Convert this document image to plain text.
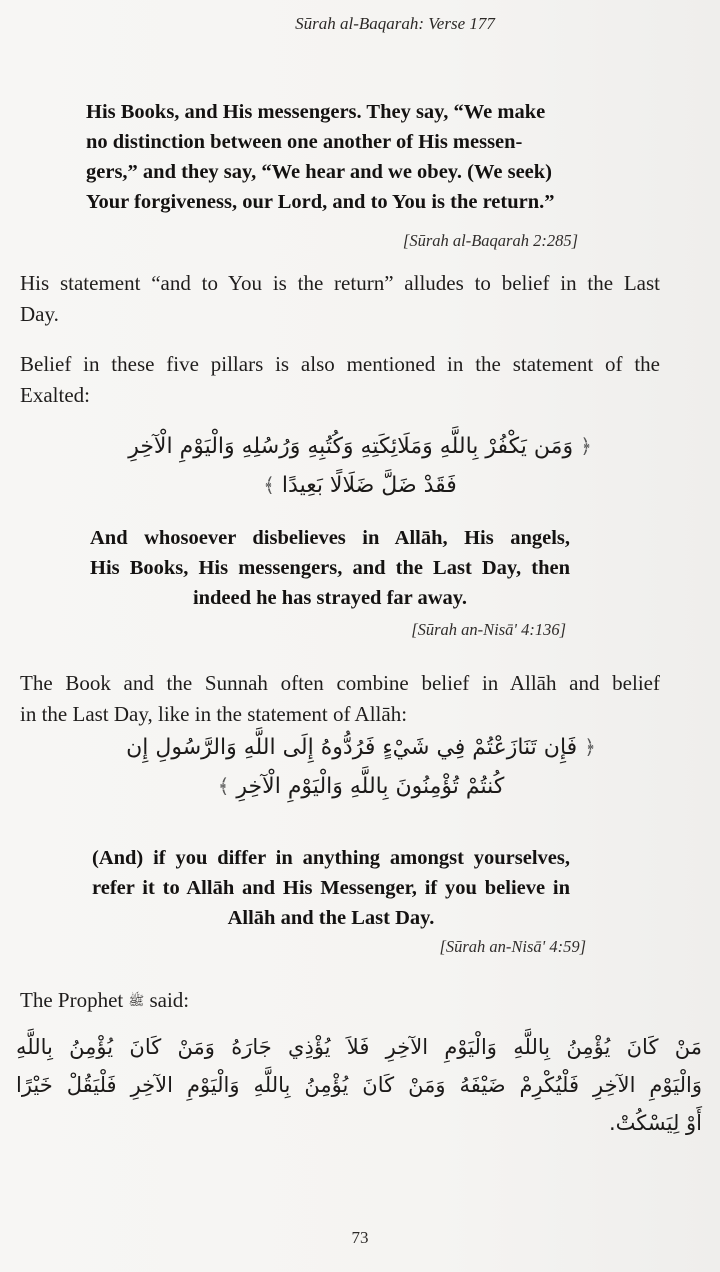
Sūrah al-Baqarah: Verse 177
His Books, and His messengers. They say, “We make
no distinction between one another of His messen-
gers,” and they say, “We hear and we obey. (We seek)
Your forgiveness, our Lord, and to You is the return.”
[Sūrah al-Baqarah 2:285]
His statement “and to You is the return” alludes to belief in the Last
Day.
Belief in these five pillars is also mentioned in the statement of the
Exalted:
﴿ وَمَن يَكْفُرْ بِاللَّهِ وَمَلَائِكَتِهِ وَكُتُبِهِ وَرُسُلِهِ وَالْيَوْمِ الْآخِرِ
فَقَدْ ضَلَّ ضَلَالًا بَعِيدًا ﴾
And whosoever disbelieves in Allāh, His angels,
His Books, His messengers, and the Last Day, then
indeed he has strayed far away.
[Sūrah an-Nisā' 4:136]
The Book and the Sunnah often combine belief in Allāh and belief
in the Last Day, like in the statement of Allāh:
﴿ فَإِن تَنَازَعْتُمْ فِي شَيْءٍ فَرُدُّوهُ إِلَى اللَّهِ وَالرَّسُولِ إِن
كُنتُمْ تُؤْمِنُونَ بِاللَّهِ وَالْيَوْمِ الْآخِرِ ﴾
(And) if you differ in anything amongst yourselves,
refer it to Allāh and His Messenger, if you believe in
Allāh and the Last Day.
[Sūrah an-Nisā' 4:59]
The Prophet ﷺ said:
مَنْ كَانَ يُؤْمِنُ بِاللَّهِ وَالْيَوْمِ الآخِرِ فَلاَ يُؤْذِي جَارَهُ وَمَنْ كَانَ يُؤْمِنُ بِاللَّهِ
وَالْيَوْمِ الآخِرِ فَلْيُكْرِمْ ضَيْفَهُ وَمَنْ كَانَ يُؤْمِنُ بِاللَّهِ وَالْيَوْمِ الآخِرِ فَلْيَقُلْ خَيْرًا
أَوْ لِيَسْكُتْ.
73
